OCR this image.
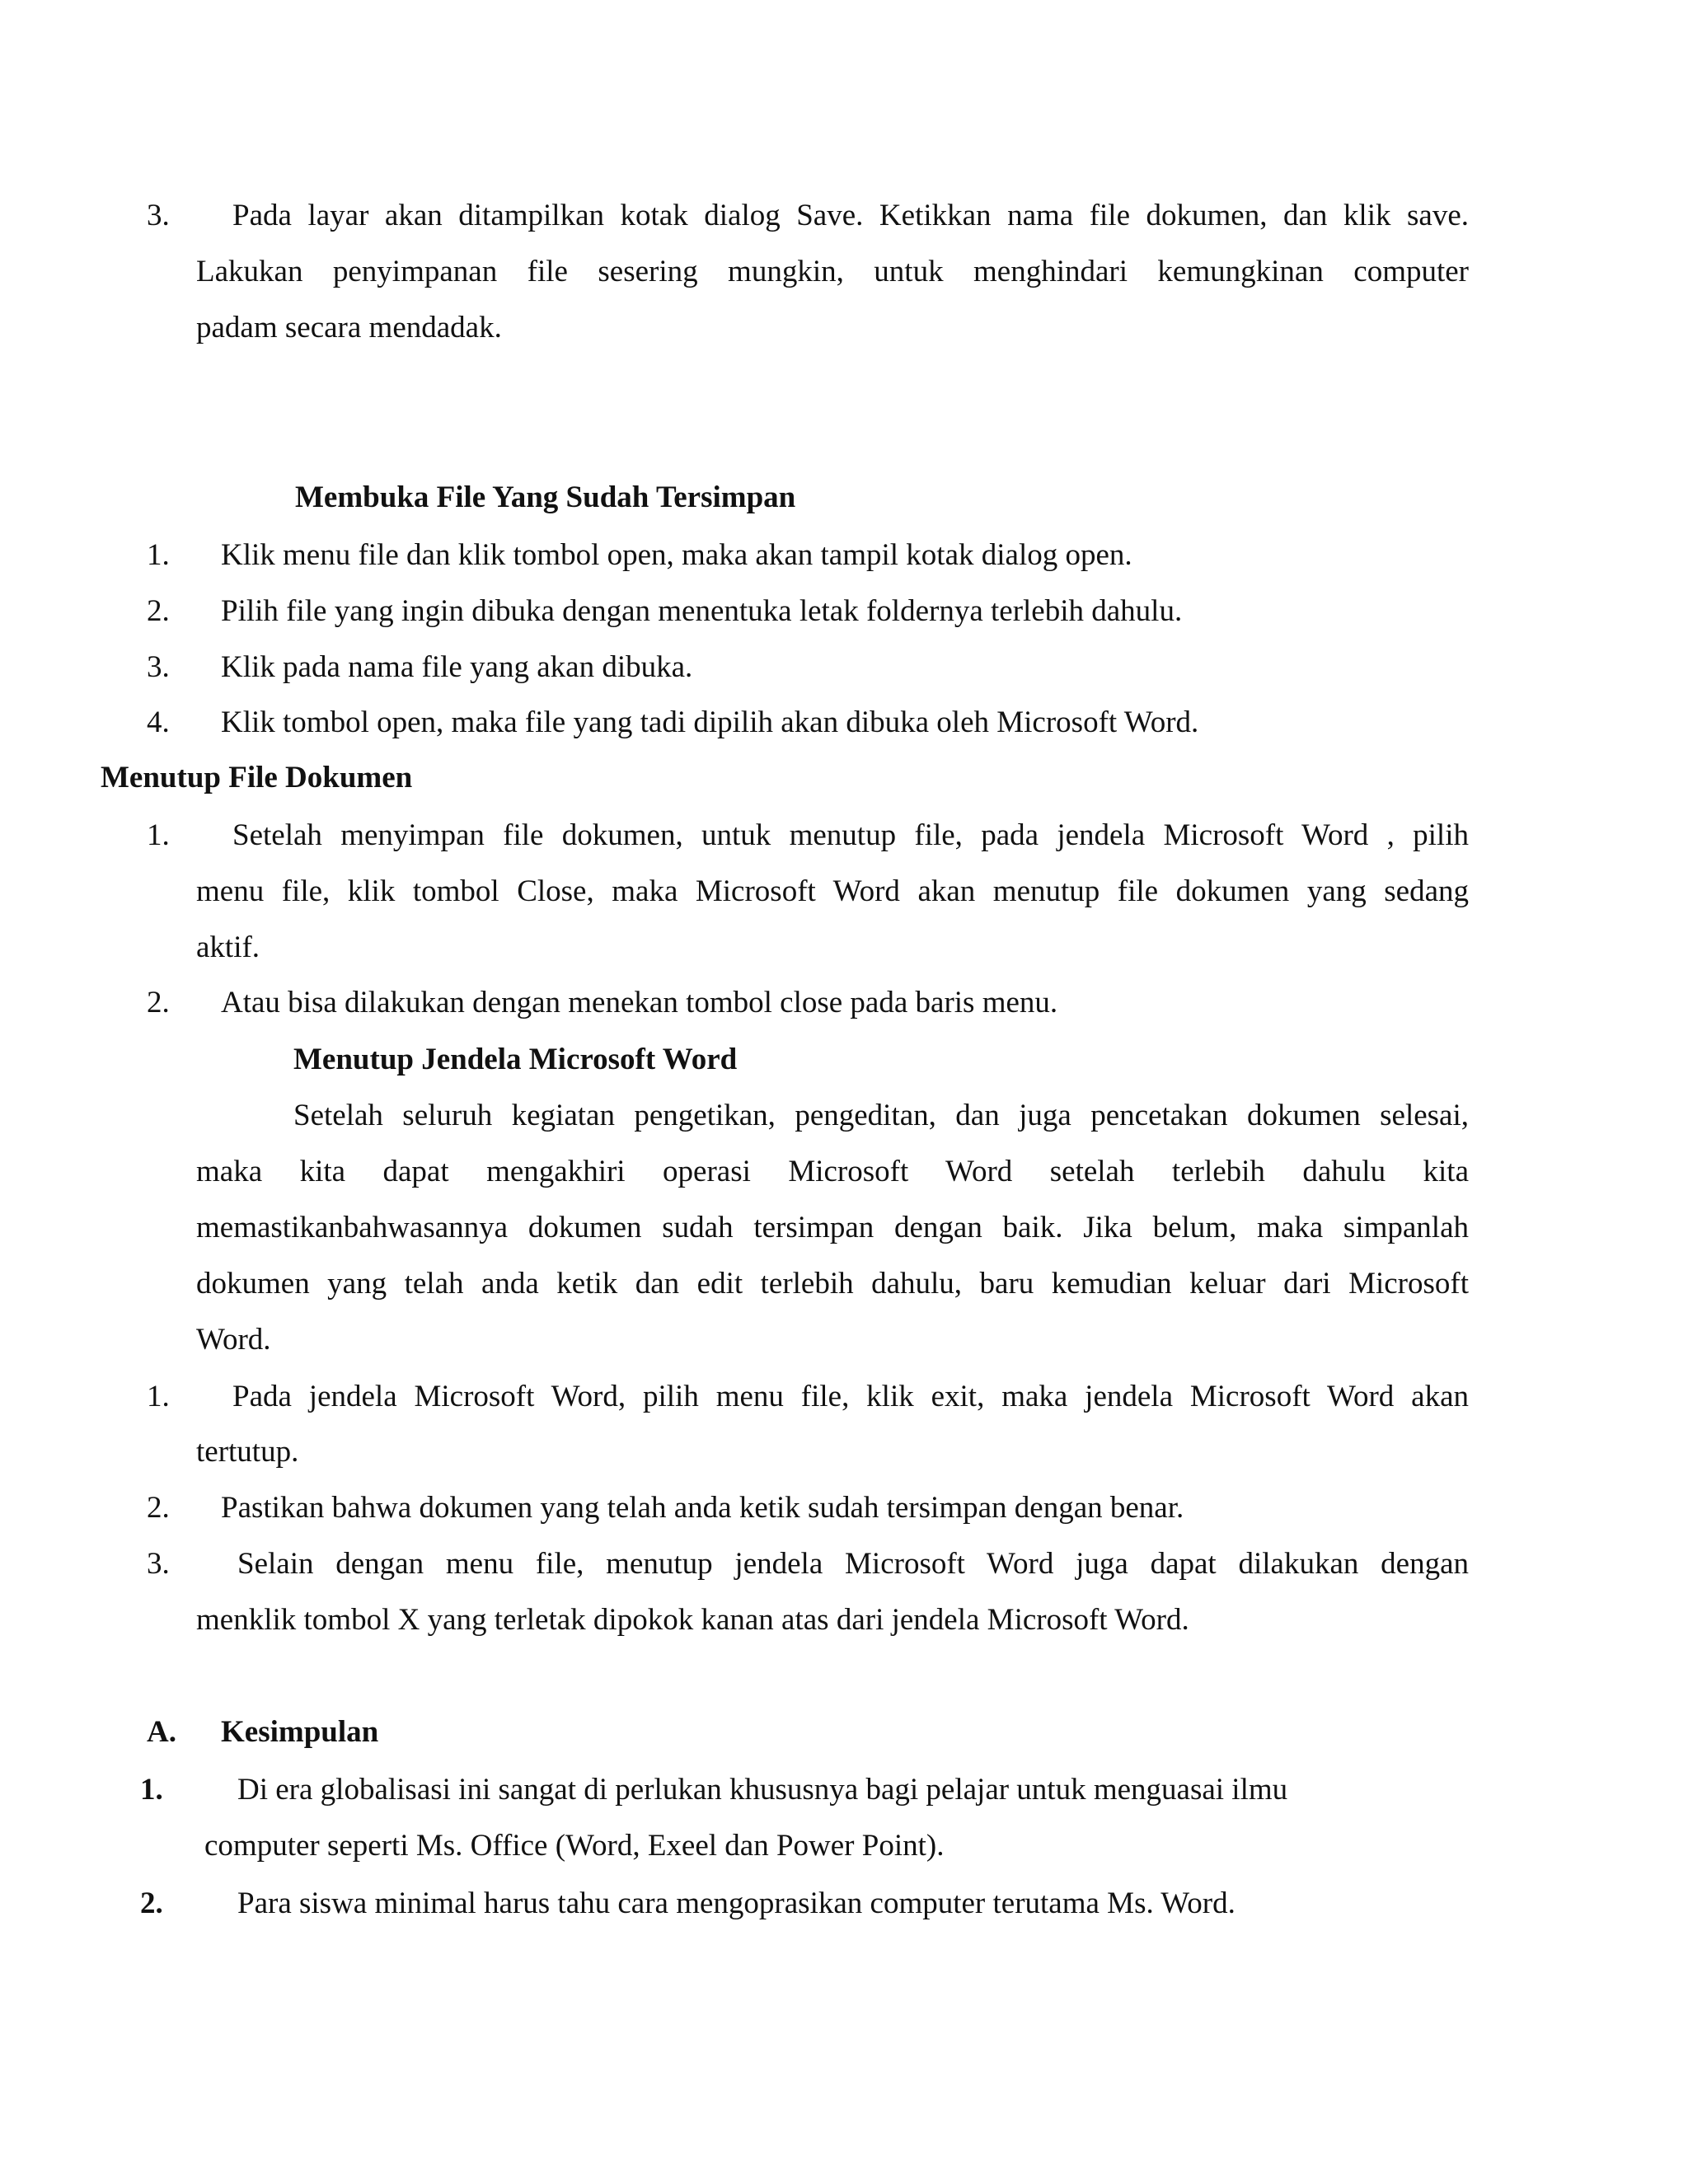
3. Pada layar akan ditampilkan kotak dialog Save. Ketikkan nama file dokumen, dan klik save.
Lakukan penyimpanan file sesering mungkin, untuk menghindari kemungkinan computer
padam secara mendadak.
Membuka File Yang Sudah Tersimpan
1. Klik menu file dan klik tombol open, maka akan tampil kotak dialog open.
2. Pilih file yang ingin dibuka dengan menentuka letak foldernya terlebih dahulu.
3. Klik pada nama file yang akan dibuka.
4. Klik tombol open, maka file yang tadi dipilih akan dibuka oleh Microsoft Word.
Menutup File Dokumen
1. Setelah menyimpan file dokumen, untuk menutup file, pada jendela Microsoft Word , pilih
menu file, klik tombol Close, maka Microsoft Word akan menutup file dokumen yang sedang
aktif.
2. Atau bisa dilakukan dengan menekan tombol close pada baris menu.
Menutup Jendela Microsoft Word
Setelah seluruh kegiatan pengetikan, pengeditan, dan juga pencetakan dokumen selesai,
maka kita dapat mengakhiri operasi Microsoft Word setelah terlebih dahulu kita
memastikanbahwasannya dokumen sudah tersimpan dengan baik. Jika belum, maka simpanlah
dokumen yang telah anda ketik dan edit terlebih dahulu, baru kemudian keluar dari Microsoft
Word.
1. Pada jendela Microsoft Word, pilih menu file, klik exit, maka jendela Microsoft Word akan
tertutup.
2. Pastikan bahwa dokumen yang telah anda ketik sudah tersimpan dengan benar.
3. Selain dengan menu file, menutup jendela Microsoft Word juga dapat dilakukan dengan
menklik tombol X yang terletak dipokok kanan atas dari jendela Microsoft Word.
A. Kesimpulan
1. Di era globalisasi ini sangat di perlukan khususnya bagi pelajar untuk menguasai ilmu
computer seperti Ms. Office (Word, Exeel dan Power Point).
2. Para siswa minimal harus tahu cara mengoprasikan computer terutama Ms. Word.
